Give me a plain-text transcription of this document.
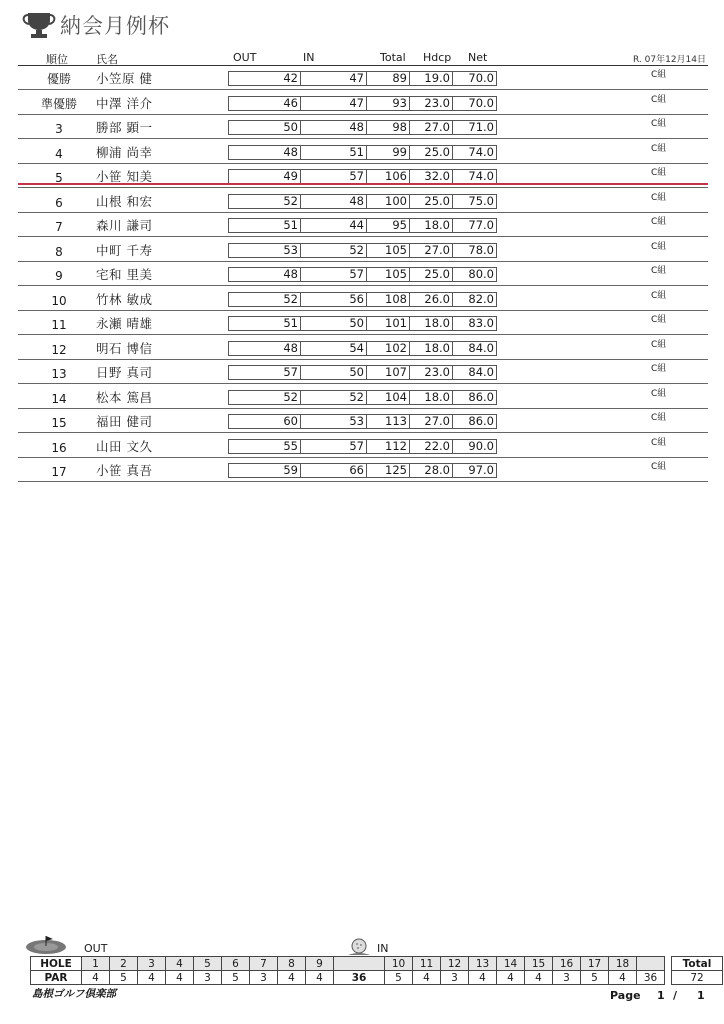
納会月例杯
順位	氏名	OUT	IN	Total Hdcp Net	R. 07年12月14日
優勝	小笠原 健	42	47	89	19.0	70.0	C組
準優勝	中澤 洋介	46	47	93	23.0	70.0	C組
3	勝部 顕一	50	48	98	27.0	71.0	C組
4	柳浦 尚幸	48	51	99	25.0	74.0	C組
5	小笹 知美	49	57	106	32.0	74.0	C組
6	山根 和宏	52	48	100	25.0	75.0	C組
7	森川 謙司	51	44	95	18.0	77.0	C組
8	中町 千寿	53	52	105	27.0	78.0	C組
9	宅和 里美	48	57	105	25.0	80.0	C組
10	竹林 敏成	52	56	108	26.0	82.0	C組
11	永瀬 晴雄	51	50	101	18.0	83.0	C組
12	明石 博信	48	54	102	18.0	84.0	C組
13	日野 真司	57	50	107	23.0	84.0	C組
14	松本 篤昌	52	52	104	18.0	86.0	C組
15	福田 健司	60	53	113	27.0	86.0	C組
16	山田 文久	55	57	112	22.0	90.0	C組
17	小笹 真吾	59	66	125	28.0	97.0	C組
OUT	IN
HOLE	1	2	3	4	5	6	7	8	9		10	11	12	13	14	15	16	17	18			Total
PAR	4	5	4	4	3	5	3	4	4	36	5	4	3	4	4	4	3	5	4	36		72
島根ゴルフ倶楽部	Page 1 / 1
